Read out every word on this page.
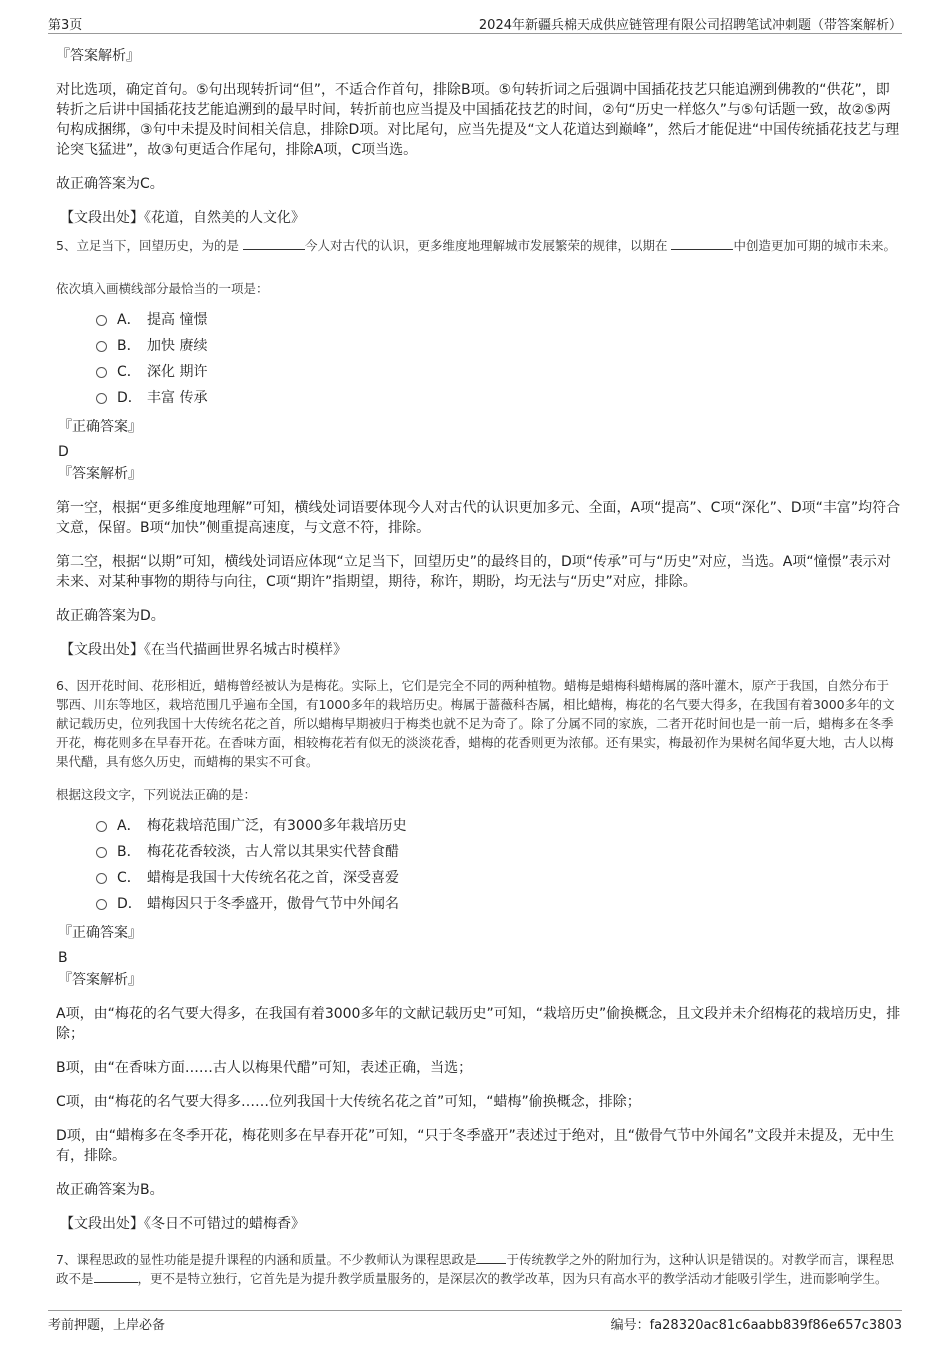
第3页	2024年新疆兵棉天成供应链管理有限公司招聘笔试冲刺题（带答案解析）
『答案解析』

对比选项，确定首句。⑤句出现转折词“但”，不适合作首句，排除B项。⑤句转折词之后强调中国插花技艺只能追溯到佛教的“供花”，即转折之后讲中国插花技艺能追溯到的最早时间，转折前也应当提及中国插花技艺的时间，②句“历史一样悠久”与⑤句话题一致，故②⑤两句构成捆绑，③句中未提及时间相关信息，排除D项。对比尾句，应当先提及“文人花道达到巅峰”，然后才能促进“中国传统插花技艺与理论突飞猛进”，故③句更适合作尾句，排除A项，C项当选。

故正确答案为C。

【文段出处】《花道，自然美的人文化》

5、立足当下，回望历史，为的是	今人对古代的认识，更多维度地理解城市发展繁荣的规律，以期在	中创造更加可期的城市未来。

依次填入画横线部分最恰当的一项是：

A． 提高 憧憬
B． 加快 赓续
C． 深化 期许
D． 丰富 传承
『正确答案』
D
『答案解析』

第一空，根据“更多维度地理解”可知，横线处词语要体现今人对古代的认识更加多元、全面，A项“提高”、C项“深化”、D项“丰富”均符合文意，保留。B项“加快”侧重提高速度，与文意不符，排除。

第二空，根据“以期”可知，横线处词语应体现“立足当下，回望历史”的最终目的，D项“传承”可与“历史”对应，当选。A项“憧憬”表示对未来、对某种事物的期待与向往，C项“期许”指期望，期待，称许，期盼，均无法与“历史”对应，排除。

故正确答案为D。

【文段出处】《在当代描画世界名城古时模样》

6、因开花时间、花形相近，蜡梅曾经被认为是梅花。实际上，它们是完全不同的两种植物。蜡梅是蜡梅科蜡梅属的落叶灌木，原产于我国，自然分布于鄂西、川东等地区，栽培范围几乎遍布全国，有1000多年的栽培历史。梅属于蔷薇科杏属，相比蜡梅，梅花的名气要大得多，在我国有着3000多年的文献记载历史，位列我国十大传统名花之首，所以蜡梅早期被归于梅类也就不足为奇了。除了分属不同的家族，二者开花时间也是一前一后，蜡梅多在冬季开花，梅花则多在早春开花。在香味方面，相较梅花若有似无的淡淡花香，蜡梅的花香则更为浓郁。还有果实，梅最初作为果树名闻华夏大地，古人以梅果代醋，具有悠久历史，而蜡梅的果实不可食。

根据这段文字，下列说法正确的是：

A． 梅花栽培范围广泛，有3000多年栽培历史
B． 梅花花香较淡，古人常以其果实代替食醋
C． 蜡梅是我国十大传统名花之首，深受喜爱
D． 蜡梅因只于冬季盛开，傲骨气节中外闻名
『正确答案』
B
『答案解析』

A项，由“梅花的名气要大得多，在我国有着3000多年的文献记载历史”可知，“栽培历史”偷换概念，且文段并未介绍梅花的栽培历史，排除；

B项，由“在香味方面……古人以梅果代醋”可知，表述正确，当选；

C项，由“梅花的名气要大得多……位列我国十大传统名花之首”可知，“蜡梅”偷换概念，排除；

D项，由“蜡梅多在冬季开花，梅花则多在早春开花”可知，“只于冬季盛开”表述过于绝对，且“傲骨气节中外闻名”文段并未提及，无中生有，排除。

故正确答案为B。

【文段出处】《冬日不可错过的蜡梅香》

7、课程思政的显性功能是提升课程的内涵和质量。不少教师认为课程思政是 于传统教学之外的附加行为，这种认识是错误的。对教学而言，课程思政不是	，更不是特立独行，它首先是为提升教学质量服务的，是深层次的教学改革，因为只有高水平的教学活动才能吸引学生，进而影响学生。

考前押题，上岸必备	编号：fa28320ac81c6aabb839f86e657c3803
